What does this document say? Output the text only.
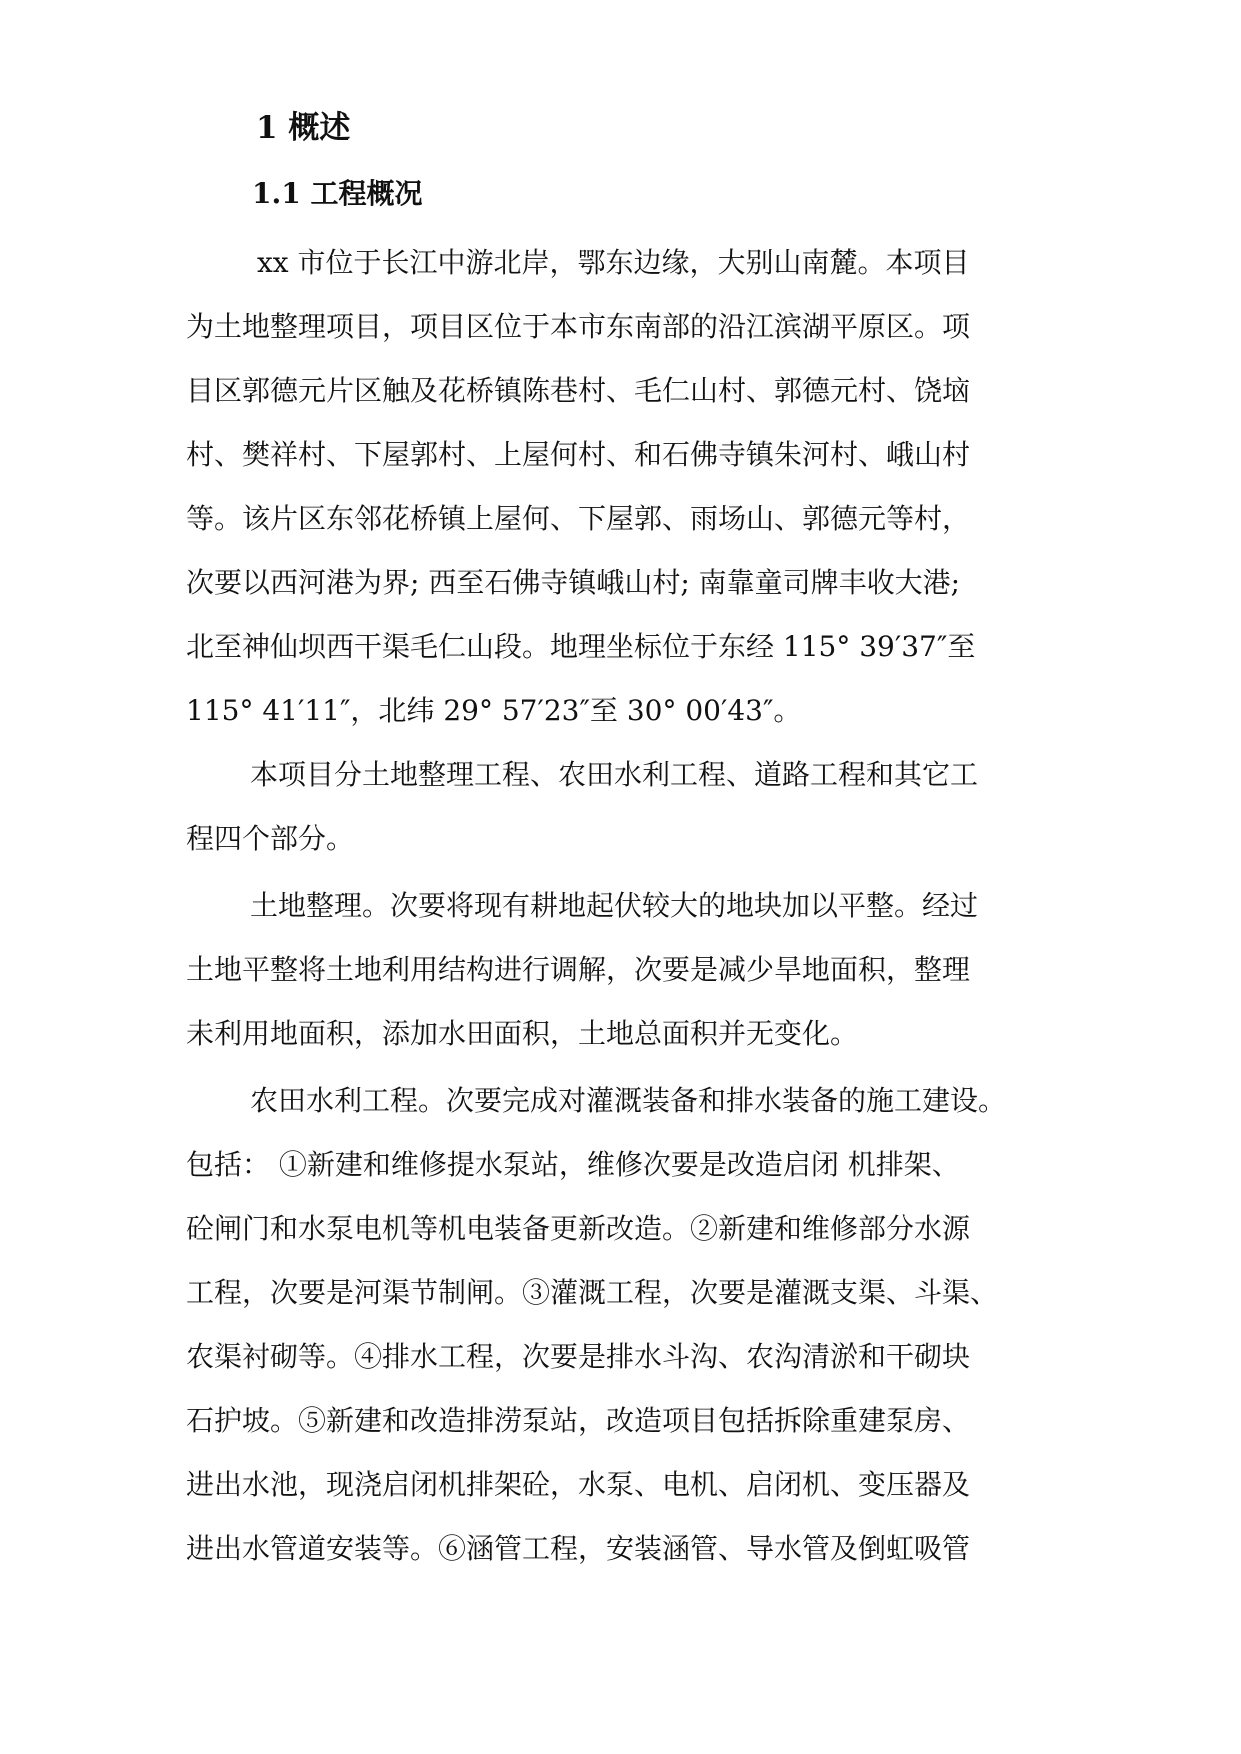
1 概述
1.1 工程概况
xx 市位于长江中游北岸，鄂东边缘，大别山南麓。本项目
为土地整理项目，项目区位于本市东南部的沿江滨湖平原区。项
目区郭德元片区触及花桥镇陈巷村、毛仁山村、郭德元村、饶垴
村、樊祥村、下屋郭村、上屋何村、和石佛寺镇朱河村、峨山村
等。该片区东邻花桥镇上屋何、下屋郭、雨场山、郭德元等村，
次要以西河港为界; 西至石佛寺镇峨山村; 南靠童司牌丰收大港;
北至神仙坝西干渠毛仁山段。地理坐标位于东经 115° 39′37″至
115° 41′11″，北纬 29° 57′23″至 30° 00′43″。
本项目分土地整理工程、农田水利工程、道路工程和其它工
程四个部分。
土地整理。次要将现有耕地起伏较大的地块加以平整。经过
土地平整将土地利用结构进行调解，次要是减少旱地面积，整理
未利用地面积，添加水田面积，土地总面积并无变化。
农田水利工程。次要完成对灌溉装备和排水装备的施工建设。
包括： ①新建和维修提水泵站，维修次要是改造启闭 机排架、
砼闸门和水泵电机等机电装备更新改造。②新建和维修部分水源
工程，次要是河渠节制闸。③灌溉工程，次要是灌溉支渠、斗渠、
农渠衬砌等。④排水工程，次要是排水斗沟、农沟清淤和干砌块
石护坡。⑤新建和改造排涝泵站，改造项目包括拆除重建泵房、
进出水池，现浇启闭机排架砼，水泵、电机、启闭机、变压器及
进出水管道安装等。⑥涵管工程，安装涵管、导水管及倒虹吸管
